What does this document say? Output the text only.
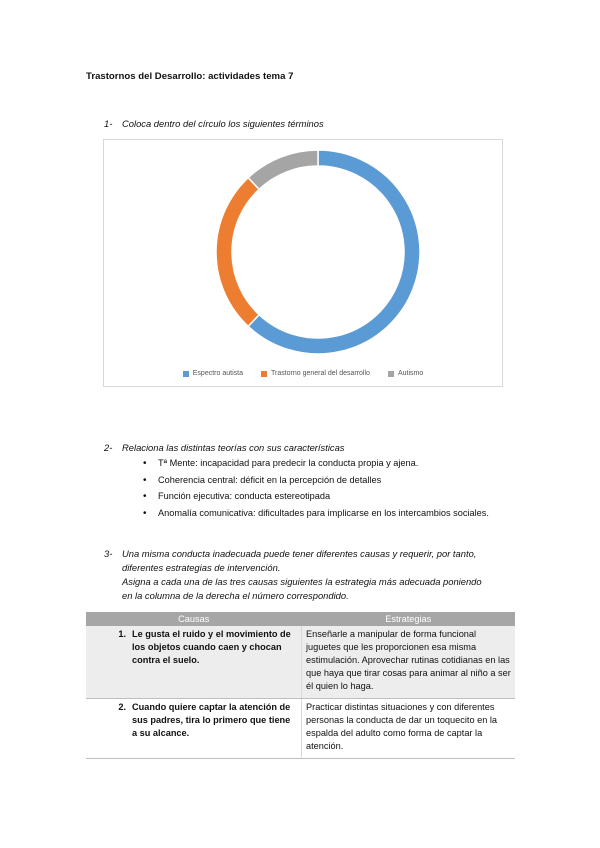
Trastornos del Desarrollo: actividades tema 7
1- Coloca dentro del círculo los siguientes términos
Espectro autista	Trastorno general del desarrollo	Autismo
2- Relaciona las distintas teorías con sus características
• Tª Mente: incapacidad para predecir la conducta propia y ajena.
• Coherencia central: déficit en la percepción de detalles
• Función ejecutiva: conducta estereotipada
• Anomalía comunicativa: dificultades para implicarse en los intercambios sociales.
3- Una misma conducta inadecuada puede tener diferentes causas y requerir, por tanto,
diferentes estrategias de intervención.
Asigna a cada una de las tres causas siguientes la estrategia más adecuada poniendo
en la columna de la derecha el número correspondido.
Causas	Estrategias

1. Le gusta el ruido y el movimiento de los objetos cuando caen y chocan contra el suelo.	Enseñarle a manipular de forma funcional juguetes que les proporcionen esa misma estimulación. Aprovechar rutinas cotidianas en las que haya que tirar cosas para animar al niño a ser él quien lo haga.

2. Cuando quiere captar la atención de sus padres, tira lo primero que tiene a su alcance.	Practicar distintas situaciones y con diferentes personas la conducta de dar un toquecito en la espalda del adulto como forma de captar la atención.
